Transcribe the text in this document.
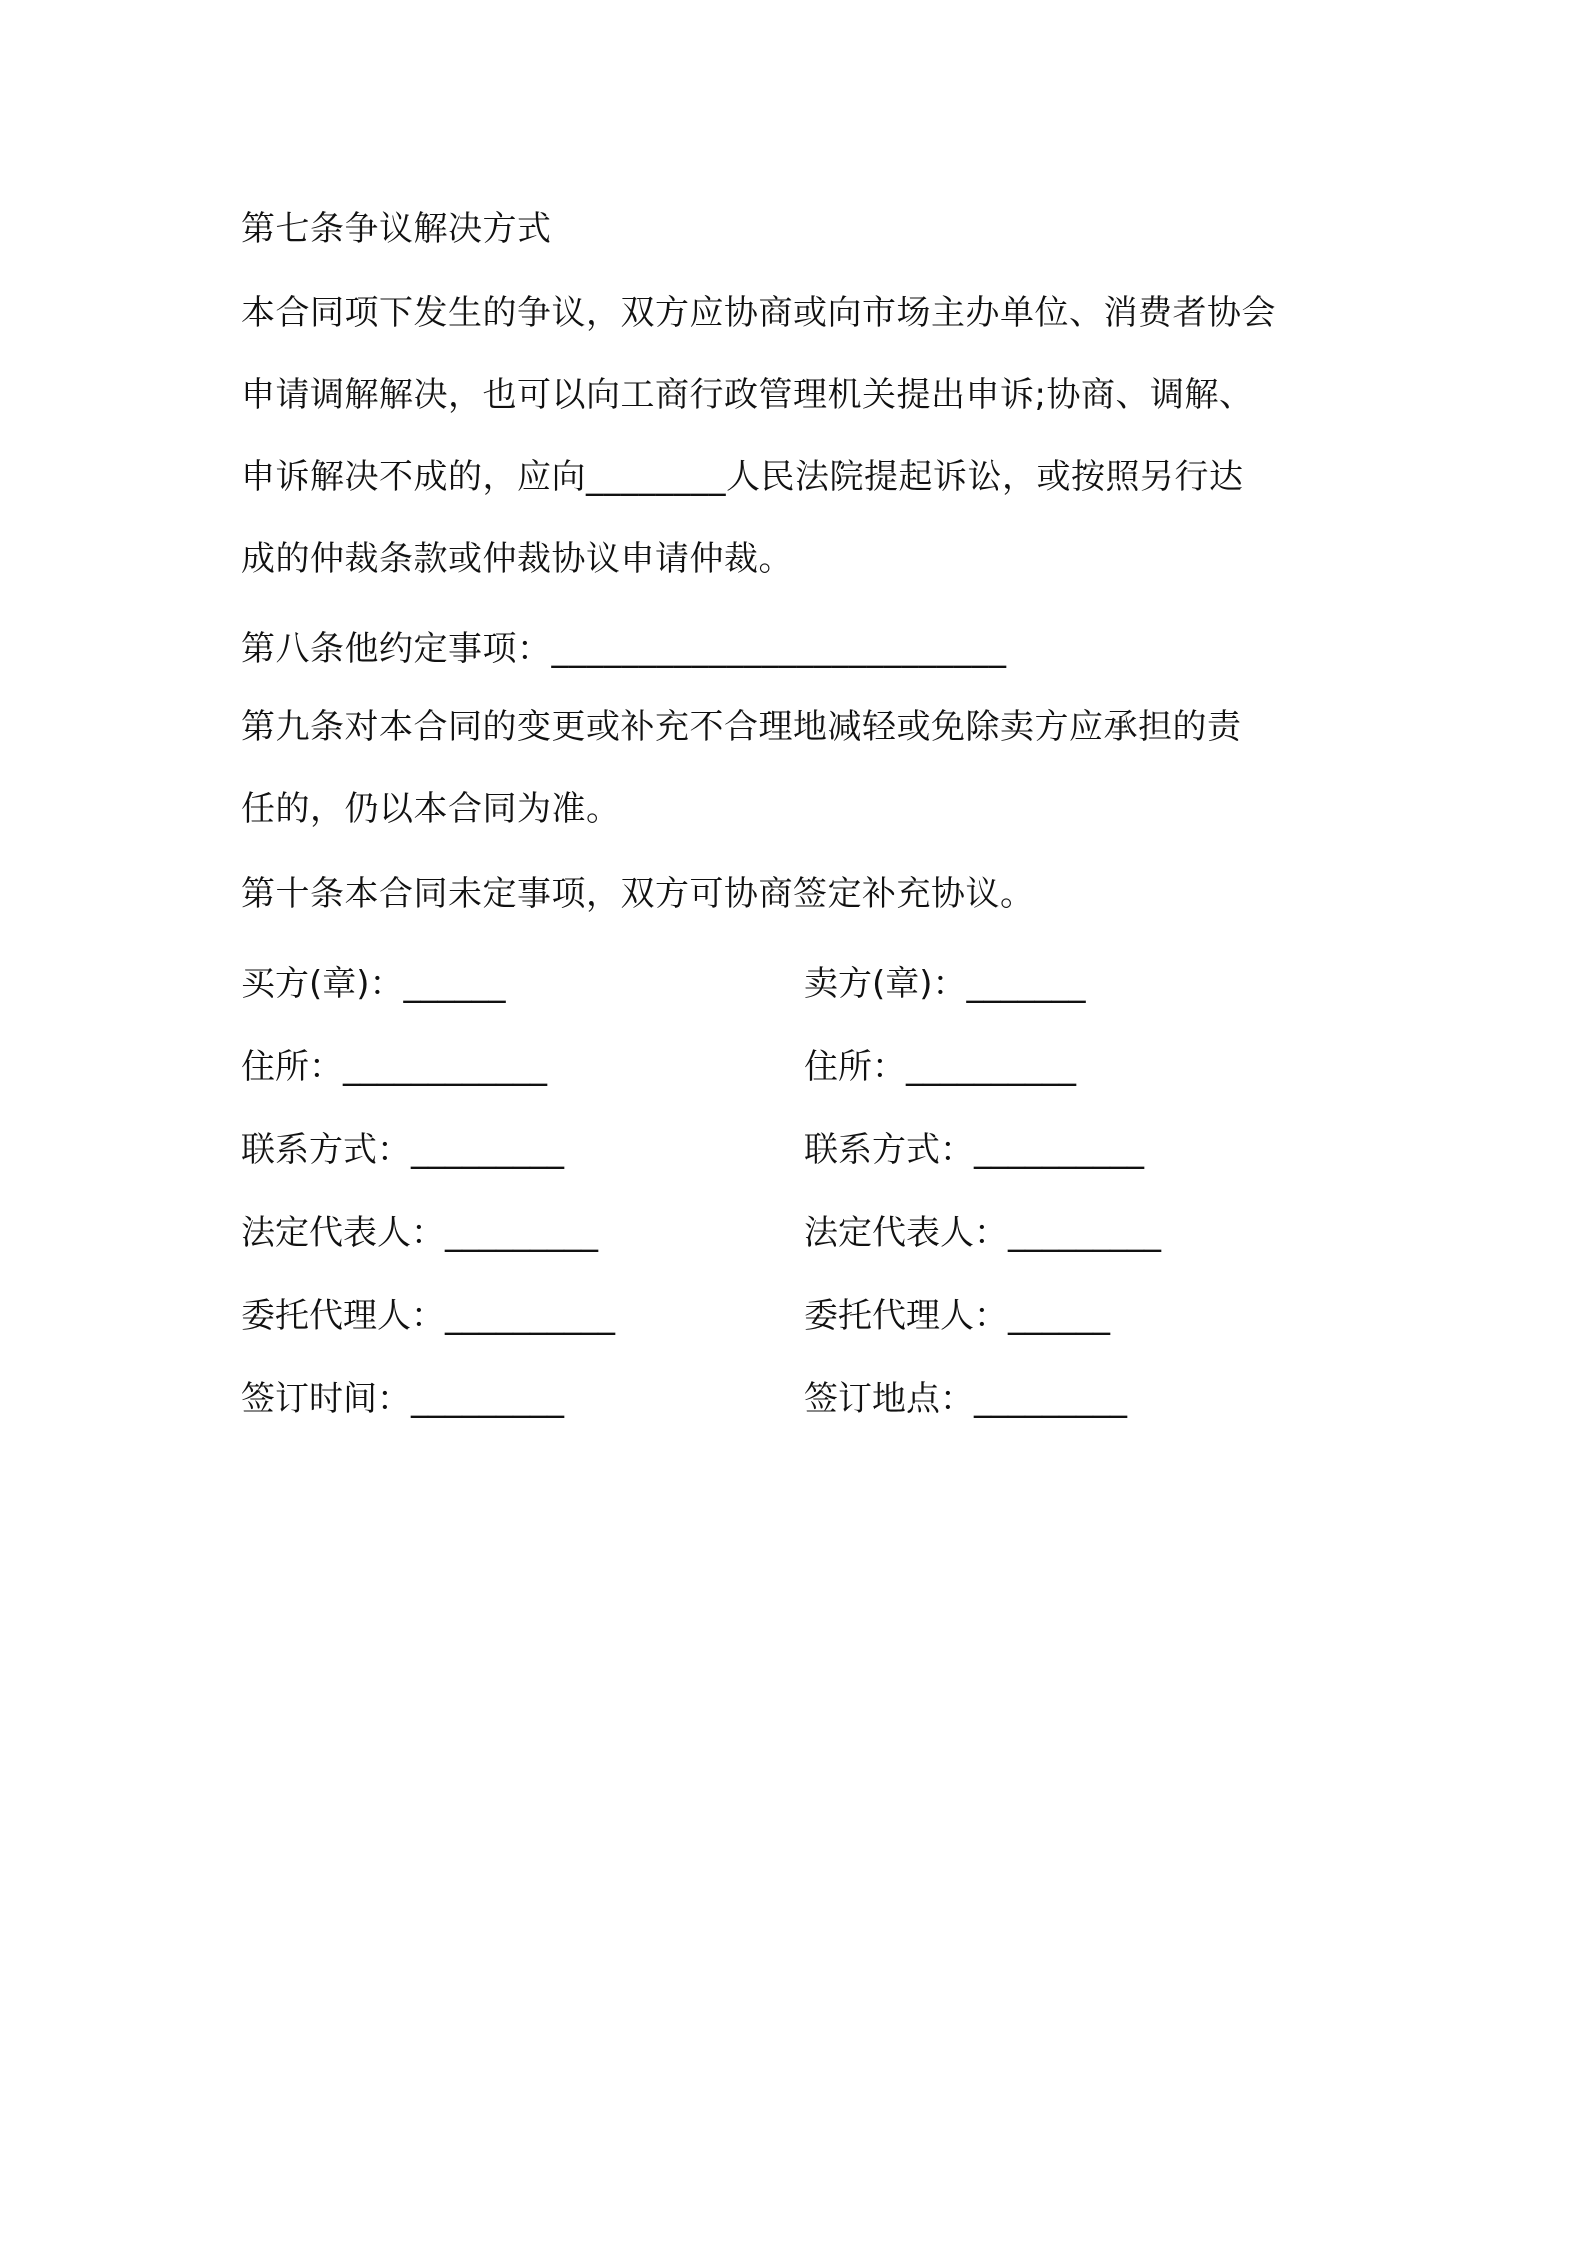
第七条争议解决方式
本合同项下发生的争议，双方应协商或向市场主办单位、消费者协会
申请调解解决，也可以向工商行政管理机关提出申诉;协商、调解、
申诉解决不成的，应向________人民法院提起诉讼，或按照另行达
成的仲裁条款或仲裁协议申请仲裁。
第八条他约定事项：__________________________
第九条对本合同的变更或补充不合理地减轻或免除卖方应承担的责
任的，仍以本合同为准。
第十条本合同未定事项，双方可协商签定补充协议。
买方(章)：______	卖方(章)：_______
住所：____________	住所：__________
联系方式：_________	联系方式：__________
法定代表人：_________	法定代表人：_________
委托代理人：__________	委托代理人：______
签订时间：_________	签订地点：_________
